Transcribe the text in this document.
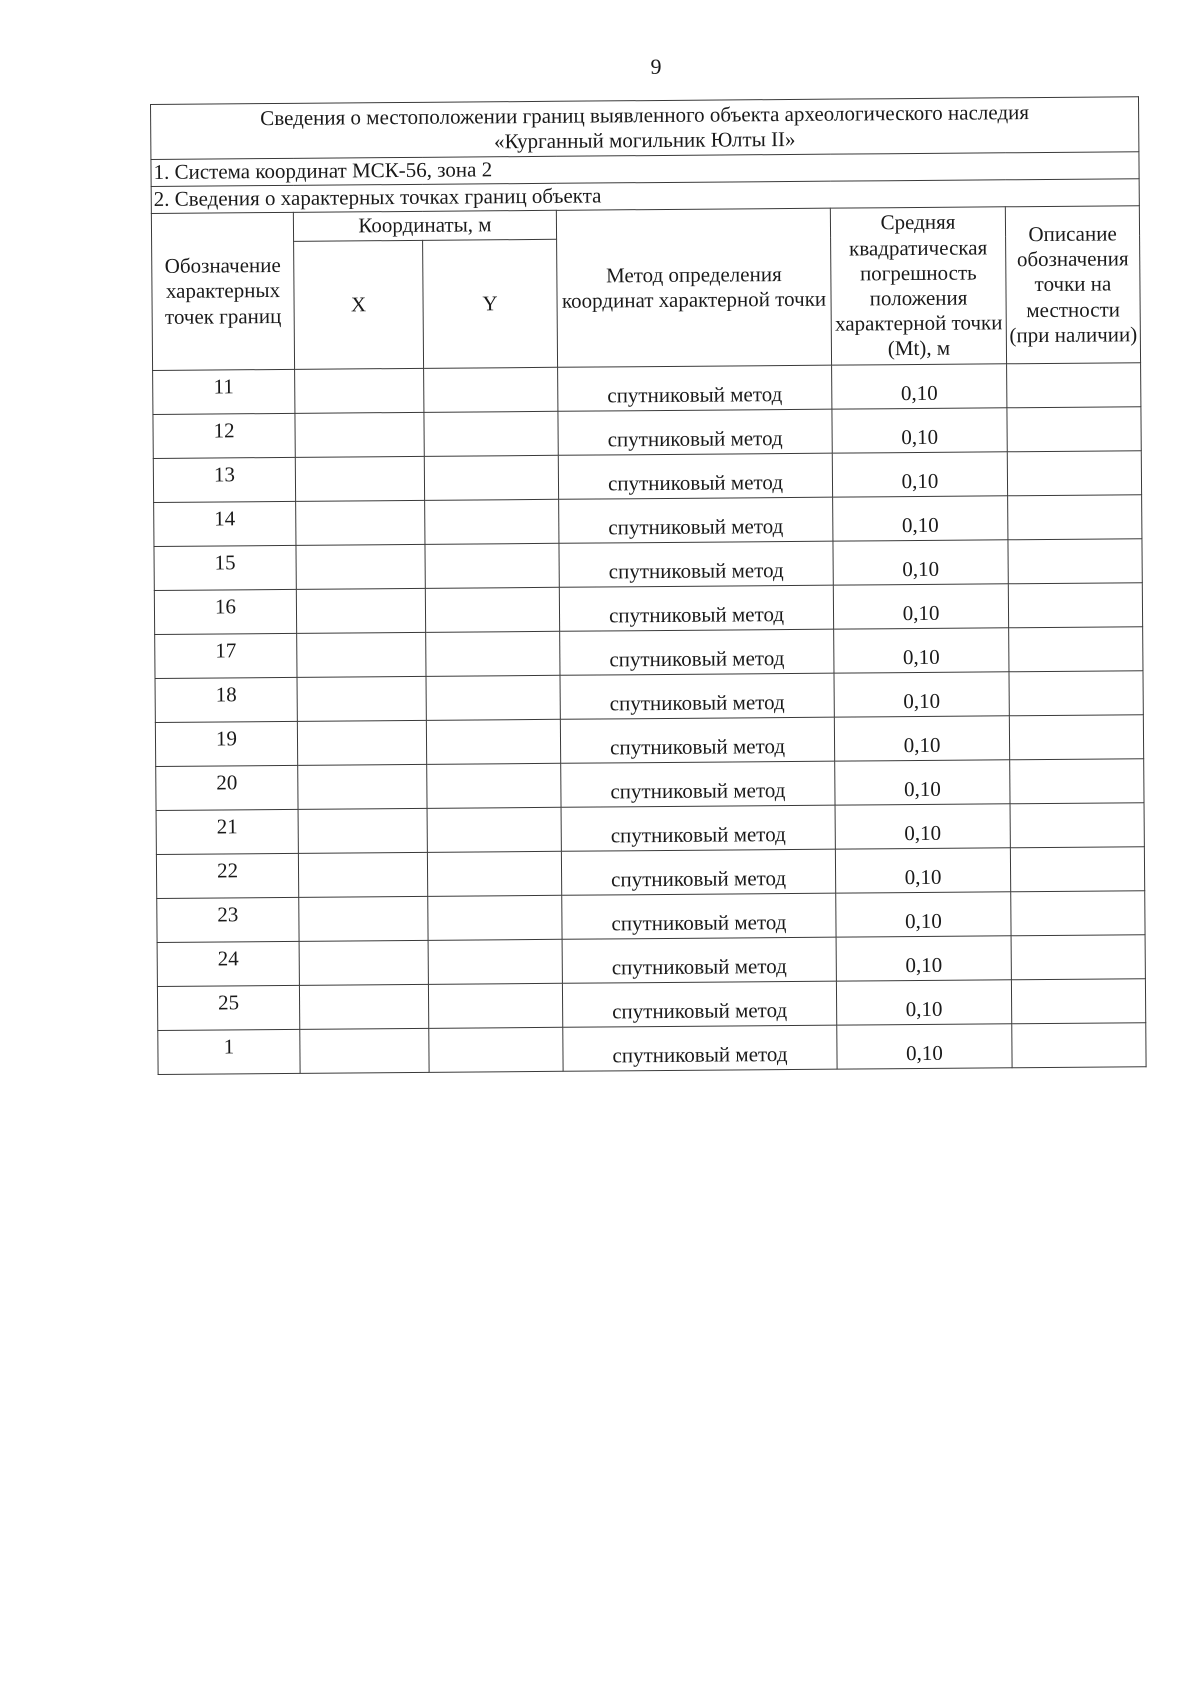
9
Сведения о местоположении границ выявленного объекта археологического наследия
«Курганный могильник Юлты II»					

1. Система координат МСК-56, зона 2					
2. Сведения о характерных точках границ объекта					
Обозначение характерных точек границ	Координаты, м		Метод определения координат характерной точки	Средняя квадратическая погрешность положения характерной точки (Mt), м	Описание обозначения точки на местности (при наличии)
	X	Y			
11			спутниковый метод	0,10	
12			спутниковый метод	0,10	
13			спутниковый метод	0,10	
14			спутниковый метод	0,10	
15			спутниковый метод	0,10	
16			спутниковый метод	0,10	
17			спутниковый метод	0,10	
18			спутниковый метод	0,10	
19			спутниковый метод	0,10	
20			спутниковый метод	0,10	
21			спутниковый метод	0,10	
22			спутниковый метод	0,10	
23			спутниковый метод	0,10	
24			спутниковый метод	0,10	
25			спутниковый метод	0,10	
1			спутниковый метод	0,10	
